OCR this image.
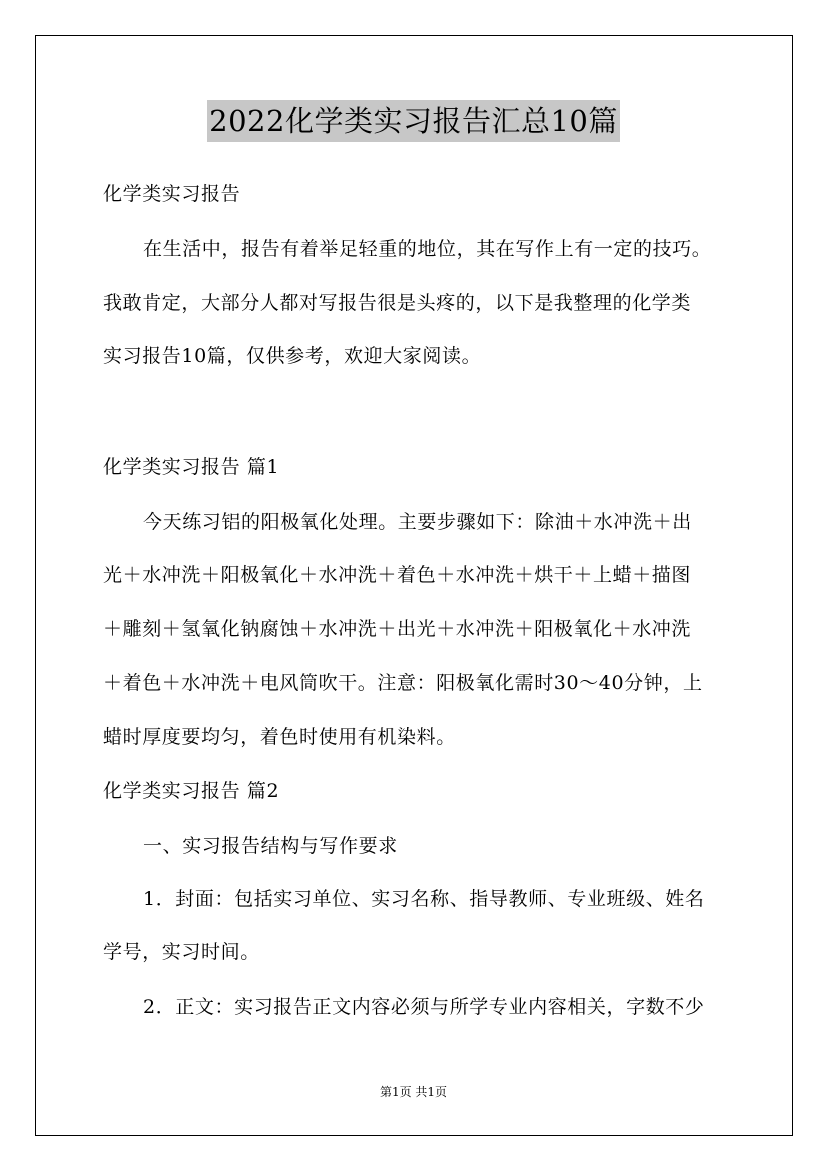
2022化学类实习报告汇总10篇
化学类实习报告
在生活中，报告有着举足轻重的地位，其在写作上有一定的技巧。
我敢肯定，大部分人都对写报告很是头疼的，以下是我整理的化学类
实习报告10篇，仅供参考，欢迎大家阅读。
化学类实习报告 篇1
今天练习铝的阳极氧化处理。主要步骤如下：除油＋水冲洗＋出
光＋水冲洗＋阳极氧化＋水冲洗＋着色＋水冲洗＋烘干＋上蜡＋描图
＋雕刻＋氢氧化钠腐蚀＋水冲洗＋出光＋水冲洗＋阳极氧化＋水冲洗
＋着色＋水冲洗＋电风筒吹干。注意：阳极氧化需时30～40分钟，上
蜡时厚度要均匀，着色时使用有机染料。
化学类实习报告 篇2
一、实习报告结构与写作要求
1．封面：包括实习单位、实习名称、指导教师、专业班级、姓名
学号，实习时间。
2．正文：实习报告正文内容必须与所学专业内容相关，字数不少
第1页 共1页
